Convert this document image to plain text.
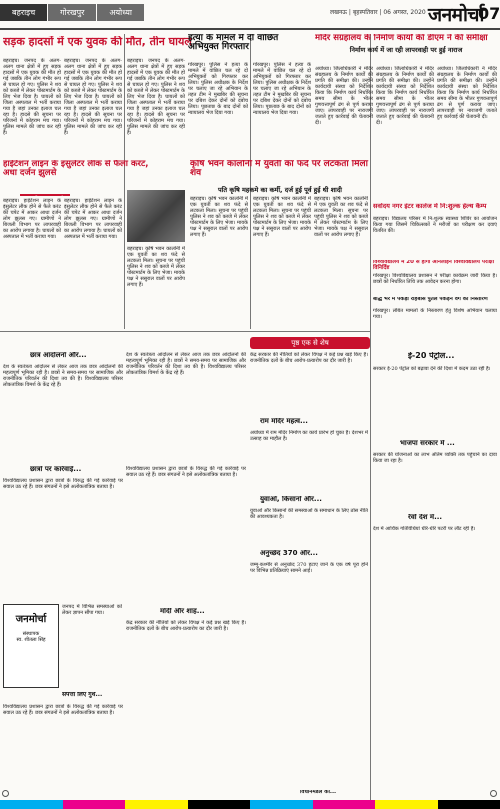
बहराइच	गोरखपुर	अयोध्या	लखनऊ | बृहस्पतिवार | 06 अगस्त, 2020 जनमोर्चा
07
सड़क हादसों में एक युवक की मौत, तीन घायल
बहराइच। जनपद के अलग-अलग थाना क्षेत्रों में हुए सड़क हादसों में एक युवक की मौत हो गई जबकि तीन लोग गंभीर रूप से घायल हो गए। पुलिस ने शव को कब्जे में लेकर पोस्टमार्टम के लिए भेज दिया है। घायलों को जिला अस्पताल में भर्ती कराया गया है जहां उनका इलाज चल रहा है। हादसे की सूचना पर परिजनों में कोहराम मच गया। पुलिस मामले की जांच कर रही है।
बहराइच। जनपद के अलग-अलग थाना क्षेत्रों में हुए सड़क हादसों में एक युवक की मौत हो गई जबकि तीन लोग गंभीर रूप से घायल हो गए। पुलिस ने शव को कब्जे में लेकर पोस्टमार्टम के लिए भेज दिया है। घायलों को जिला अस्पताल में भर्ती कराया गया है जहां उनका इलाज चल रहा है। हादसे की सूचना पर परिजनों में कोहराम मच गया। पुलिस मामले की जांच कर रही है।
बहराइच। जनपद के अलग-अलग थाना क्षेत्रों में हुए सड़क हादसों में एक युवक की मौत हो गई जबकि तीन लोग गंभीर रूप से घायल हो गए। पुलिस ने शव को कब्जे में लेकर पोस्टमार्टम के लिए भेज दिया है। घायलों को जिला अस्पताल में भर्ती कराया गया है जहां उनका इलाज चल रहा है। हादसे की सूचना पर परिजनों में कोहराम मच गया। पुलिस मामले की जांच कर रही है।
हत्या के मामले में दो वांछित अभियुक्त गिरफ्तार
गोरखपुर। पुलिस ने हत्या के मामले में वांछित चल रहे दो अभियुक्तों को गिरफ्तार कर लिया। पुलिस अधीक्षक के निर्देश पर चलाए जा रहे अभियान के तहत टीम ने मुखबिर की सूचना पर दबिश देकर दोनों को दबोच लिया। पूछताछ के बाद दोनों को न्यायालय भेज दिया गया।
गोरखपुर। पुलिस ने हत्या के मामले में वांछित चल रहे दो अभियुक्तों को गिरफ्तार कर लिया। पुलिस अधीक्षक के निर्देश पर चलाए जा रहे अभियान के तहत टीम ने मुखबिर की सूचना पर दबिश देकर दोनों को दबोच लिया। पूछताछ के बाद दोनों को न्यायालय भेज दिया गया।
मंदिर संग्रहालय के निर्माण कार्यों की डीएम ने की समीक्षा
निर्माण कार्य में जा रही लापरवाही पर हुई नाराज
अयोध्या। जिलाधिकारी ने मंदिर संग्रहालय के निर्माण कार्यों की प्रगति की समीक्षा की। उन्होंने कार्यदायी संस्था को निर्देशित किया कि निर्माण कार्य निर्धारित समय सीमा के भीतर गुणवत्तापूर्ण ढंग से पूर्ण कराया जाए। लापरवाही पर नाराजगी जताते हुए कार्रवाई की चेतावनी दी।
अयोध्या। जिलाधिकारी ने मंदिर संग्रहालय के निर्माण कार्यों की प्रगति की समीक्षा की। उन्होंने कार्यदायी संस्था को निर्देशित किया कि निर्माण कार्य निर्धारित समय सीमा के भीतर गुणवत्तापूर्ण ढंग से पूर्ण कराया जाए। लापरवाही पर नाराजगी जताते हुए कार्रवाई की चेतावनी दी।
अयोध्या। जिलाधिकारी ने मंदिर संग्रहालय के निर्माण कार्यों की प्रगति की समीक्षा की। उन्होंने कार्यदायी संस्था को निर्देशित किया कि निर्माण कार्य निर्धारित समय सीमा के भीतर गुणवत्तापूर्ण ढंग से पूर्ण कराया जाए। लापरवाही पर नाराजगी जताते हुए कार्रवाई की चेतावनी दी।
सर्वोदय नगर इंटर कालेज में नि:शुल्क हेल्थ कैम्प
बहराइच। विद्यालय परिसर में नि:शुल्क स्वास्थ्य शिविर का आयोजन किया गया जिसमें चिकित्सकों ने मरीजों का परीक्षण कर दवाएं वितरित कीं।
हाईटेंशन लाइन के इंसुलेटर लीक से फैला करंट, अधा दर्जन झुलसे
बहराइच। हाईटेंशन लाइन के इंसुलेटर लीक होने से फैले करंट की चपेट में आकर आधा दर्जन लोग झुलस गए। ग्रामीणों ने बिजली विभाग पर लापरवाही का आरोप लगाया है। घायलों को अस्पताल में भर्ती कराया गया।
बहराइच। हाईटेंशन लाइन के इंसुलेटर लीक होने से फैले करंट की चपेट में आकर आधा दर्जन लोग झुलस गए। ग्रामीणों ने बिजली विभाग पर लापरवाही का आरोप लगाया है। घायलों को अस्पताल में भर्ती कराया गया।
कृषि भवन कालोनी में युवती का फंदे पर लटकता मिला शव
पति कृषि महकमे का कर्मी, दर्ज हुई पूर्व हुई थी शादी
बहराइच। कृषि भवन कालोनी में एक युवती का शव फंदे से लटकता मिला। सूचना पर पहुंची पुलिस ने शव को कब्जे में लेकर पोस्टमार्टम के लिए भेजा। मायके पक्ष ने ससुराल वालों पर आरोप लगाए हैं।
बहराइच। कृषि भवन कालोनी में एक युवती का शव फंदे से लटकता मिला। सूचना पर पहुंची पुलिस ने शव को कब्जे में लेकर पोस्टमार्टम के लिए भेजा। मायके पक्ष ने ससुराल वालों पर आरोप लगाए हैं।
बहराइच। कृषि भवन कालोनी में एक युवती का शव फंदे से लटकता मिला। सूचना पर पहुंची पुलिस ने शव को कब्जे में लेकर पोस्टमार्टम के लिए भेजा। मायके पक्ष ने ससुराल वालों पर आरोप लगाए हैं।
बहराइच। कृषि भवन कालोनी में एक युवती का शव फंदे से लटकता मिला। सूचना पर पहुंची पुलिस ने शव को कब्जे में लेकर पोस्टमार्टम के लिए भेजा। मायके पक्ष ने ससुराल वालों पर आरोप लगाए हैं।
विश्वविद्यालय में 20 से होगा ऑनलाइन विश्वविद्यालय परीक्षा विनिर्दिष्ट
गोरखपुर। विश्वविद्यालय प्रशासन ने परीक्षा कार्यक्रम जारी किया है। छात्रों को निर्धारित तिथि तक आवेदन करना होगा।
बौद्ध भरे में पकड़ी रहिबास पुतले पकड़ने वर्ग का निस्तारण
गोरखपुर। लंबित मामलों के निस्तारण हेतु विशेष अभियान चलाया गया।
पृष्ठ एक से शेष
छात्र आंदोलनों और...
देश के स्वतंत्रता आंदोलन से लेकर आज तक छात्र आंदोलनों की महत्वपूर्ण भूमिका रही है। छात्रों ने समय-समय पर सामाजिक और राजनीतिक परिवर्तन की दिशा तय की है। विश्वविद्यालय परिसर लोकतांत्रिक विमर्श के केंद्र रहे हैं।
देश के स्वतंत्रता आंदोलन से लेकर आज तक छात्र आंदोलनों की महत्वपूर्ण भूमिका रही है। छात्रों ने समय-समय पर सामाजिक और राजनीतिक परिवर्तन की दिशा तय की है। विश्वविद्यालय परिसर लोकतांत्रिक विमर्श के केंद्र रहे हैं।
छात्रों पर कार्रवाई...
विश्वविद्यालय प्रशासन द्वारा छात्रों के विरुद्ध की गई कार्रवाई पर सवाल उठ रहे हैं। छात्र संगठनों ने इसे अलोकतांत्रिक बताया है।
विश्वविद्यालय प्रशासन द्वारा छात्रों के विरुद्ध की गई कार्रवाई पर सवाल उठ रहे हैं। छात्र संगठनों ने इसे अलोकतांत्रिक बताया है।
मोदी और शाह...
केंद्र सरकार की नीतियों को लेकर विपक्ष ने कई प्रश्न खड़े किए हैं। राजनीतिक दलों के बीच आरोप-प्रत्यारोप का दौर जारी है।
जनमोर्चा
संस्थापक
स्व. शीतला सिंह
जनपद में विभिन्न समस्याओं को लेकर ज्ञापन सौंपा गया।
संपत्ता लिए गुर्थ...
विश्वविद्यालय प्रशासन द्वारा छात्रों के विरुद्ध की गई कार्रवाई पर सवाल उठ रहे हैं। छात्र संगठनों ने इसे अलोकतांत्रिक बताया है।
केंद्र सरकार की नीतियों को लेकर विपक्ष ने कई प्रश्न खड़े किए हैं। राजनीतिक दलों के बीच आरोप-प्रत्यारोप का दौर जारी है।
राम मंदिर महत्व...
अयोध्या में राम मंदिर निर्माण का कार्य प्रारंभ हो चुका है। देशभर में उत्साह का माहौल है।
युवाओं, किसानों और...
युवाओं और किसानों की समस्याओं के समाधान के लिए ठोस नीति की आवश्यकता है।
अनुच्छेद 370 और...
जम्मू-कश्मीर से अनुच्छेद 370 हटाए जाने के एक वर्ष पूरा होने पर विभिन्न प्रतिक्रियाएं सामने आईं।
ई-20 पेट्रोल...
सरकार ई-20 पेट्रोल को बढ़ावा देने की दिशा में कदम उठा रही है।
भाजपा सरकार में ...
सरकार की योजनाओं का लाभ अंतिम व्यक्ति तक पहुंचाने का दावा किया जा रहा है।
रेवो देश में...
देश में आर्थिक गतिविधियां धीरे-धीरे पटरी पर लौट रही हैं।
विधानमंडल का...
